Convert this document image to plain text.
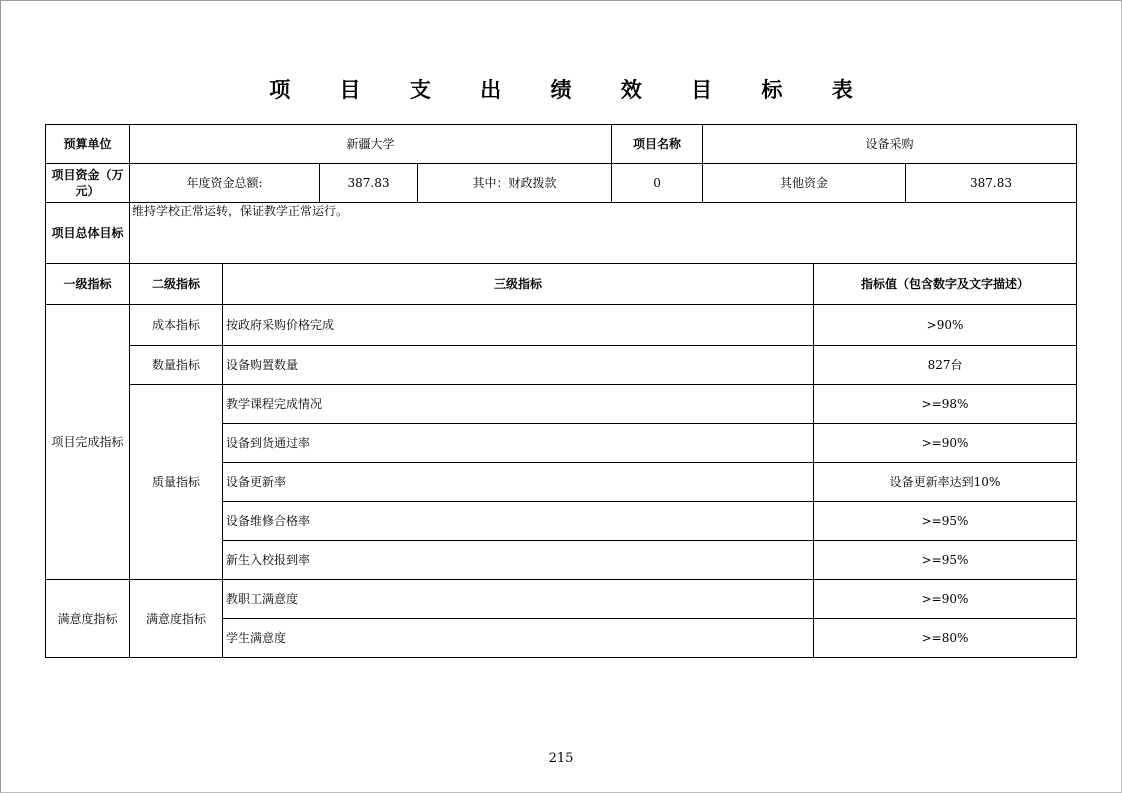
项 目 支 出 绩 效 目 标 表
预算单位	新疆大学				项目名称	设备采购		
项目资金（万元）	年度资金总额:		387.83	其中：财政拨款	0	其他资金		387.83
项目总体目标	维持学校正常运转，保证教学正常运行。							
一级指标	二级指标	三级指标					指标值（包含数字及文字描述）	
项目完成指标	成本指标	按政府采购价格完成					>90%	
	数量指标	设备购置数量					827台	
	质量指标	教学课程完成情况					>=98%	
		设备到货通过率					>=90%	
		设备更新率					设备更新率达到10%	
		设备维修合格率					>=95%	
		新生入校报到率					>=95%	
满意度指标	满意度指标	教职工满意度					>=90%	
		学生满意度					>=80%	
215
